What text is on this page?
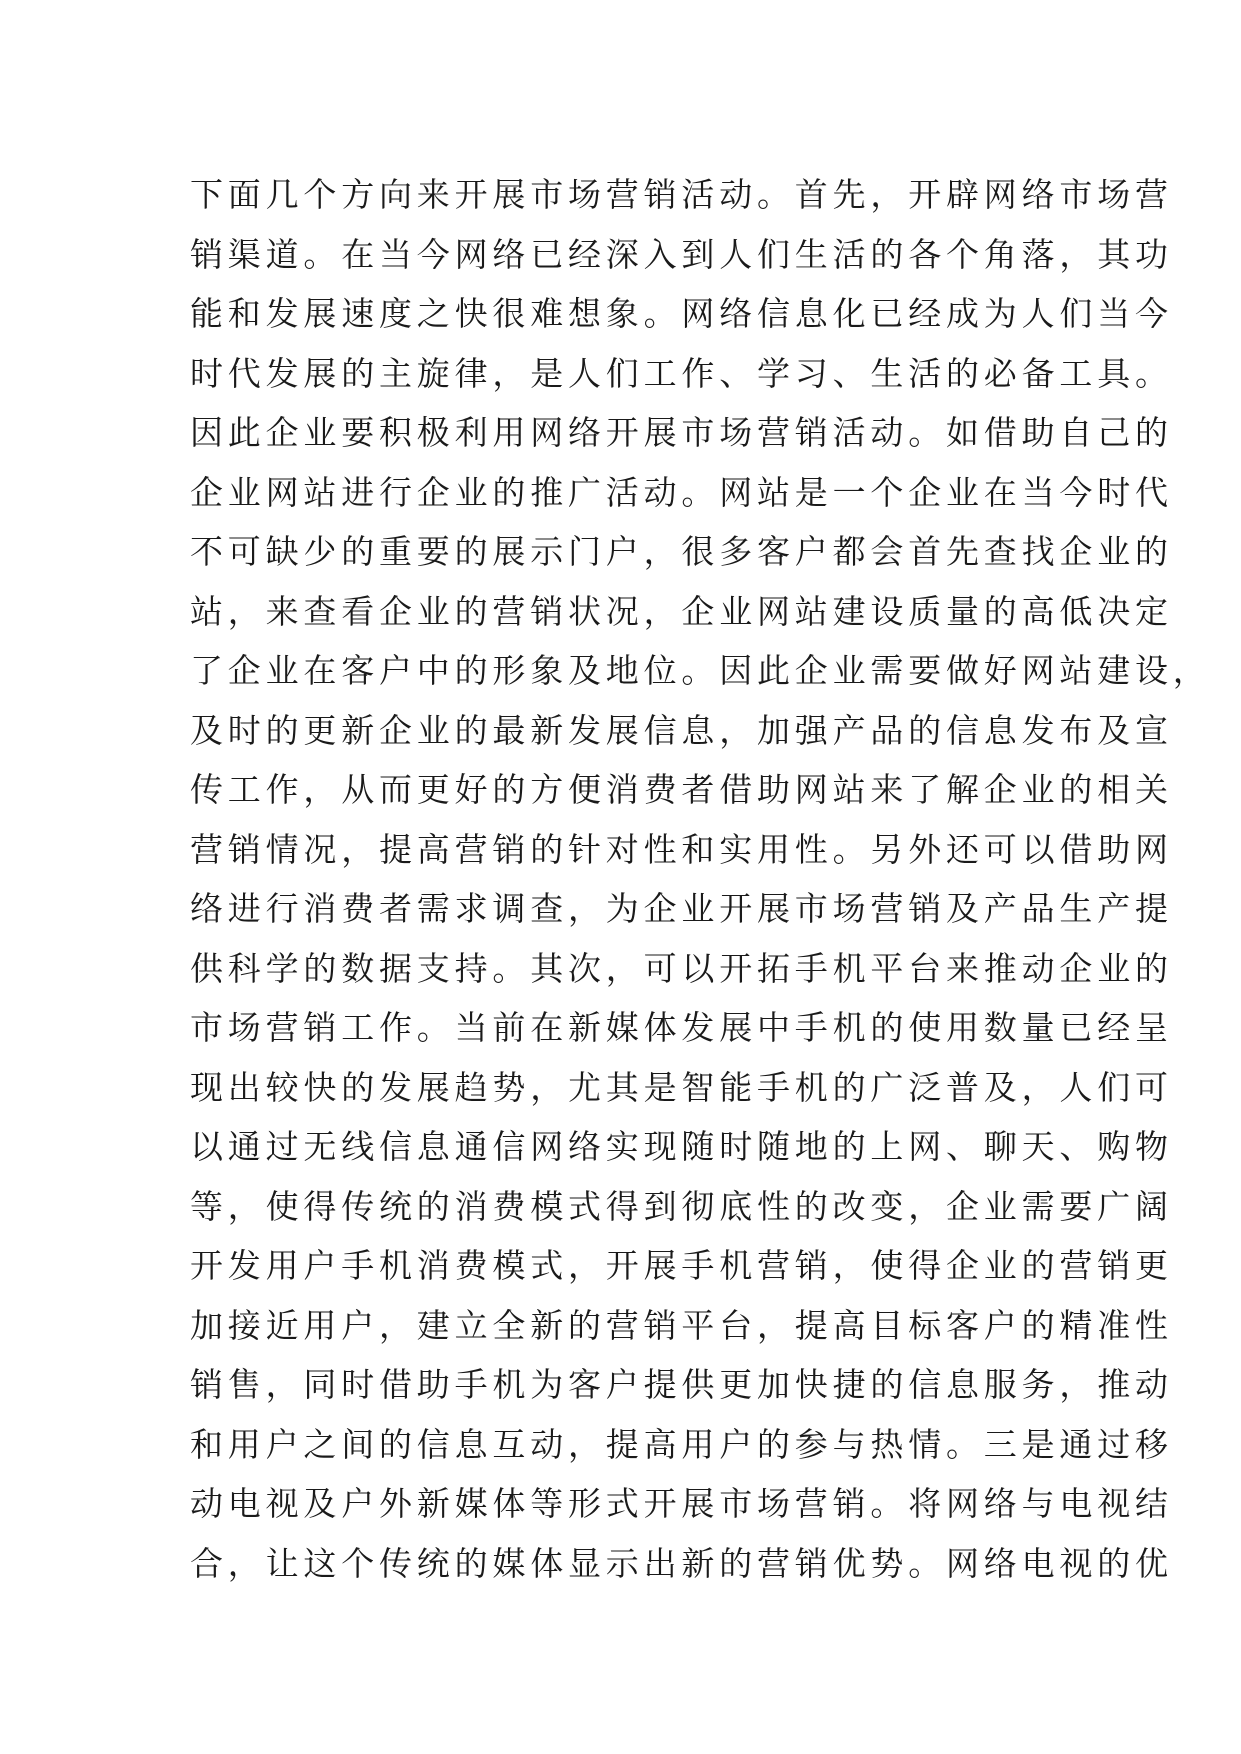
下面几个方向来开展市场营销活动。首先，开辟网络市场营
销渠道。在当今网络已经深入到人们生活的各个角落，其功
能和发展速度之快很难想象。网络信息化已经成为人们当今
时代发展的主旋律，是人们工作、学习、生活的必备工具。
因此企业要积极利用网络开展市场营销活动。如借助自己的
企业网站进行企业的推广活动。网站是一个企业在当今时代
不可缺少的重要的展示门户，很多客户都会首先查找企业的
站，来查看企业的营销状况，企业网站建设质量的高低决定
了企业在客户中的形象及地位。因此企业需要做好网站建设，
及时的更新企业的最新发展信息，加强产品的信息发布及宣
传工作，从而更好的方便消费者借助网站来了解企业的相关
营销情况，提高营销的针对性和实用性。另外还可以借助网
络进行消费者需求调查，为企业开展市场营销及产品生产提
供科学的数据支持。其次，可以开拓手机平台来推动企业的
市场营销工作。当前在新媒体发展中手机的使用数量已经呈
现出较快的发展趋势，尤其是智能手机的广泛普及，人们可
以通过无线信息通信网络实现随时随地的上网、聊天、购物
等，使得传统的消费模式得到彻底性的改变，企业需要广阔
开发用户手机消费模式，开展手机营销，使得企业的营销更
加接近用户，建立全新的营销平台，提高目标客户的精准性
销售，同时借助手机为客户提供更加快捷的信息服务，推动
和用户之间的信息互动，提高用户的参与热情。三是通过移
动电视及户外新媒体等形式开展市场营销。将网络与电视结
合，让这个传统的媒体显示出新的营销优势。网络电视的优
